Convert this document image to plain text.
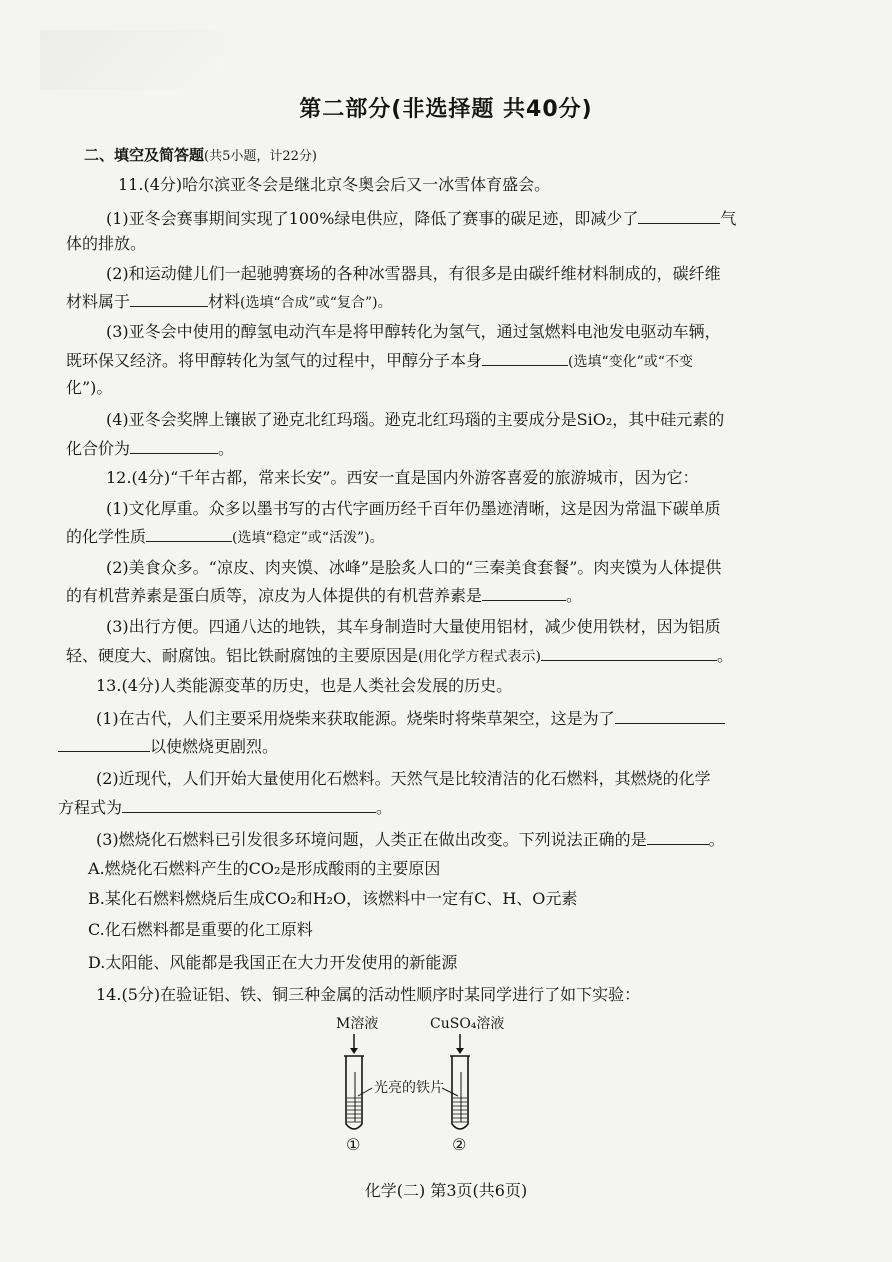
第二部分(非选择题 共40分)
二、填空及简答题(共5小题，计22分)
11.(4分)哈尔滨亚冬会是继北京冬奥会后又一冰雪体育盛会。
(1)亚冬会赛事期间实现了100%绿电供应，降低了赛事的碳足迹，即减少了	气
体的排放。
(2)和运动健儿们一起驰骋赛场的各种冰雪器具，有很多是由碳纤维材料制成的，碳纤维
材料属于	材料(选填“合成”或“复合”)。
(3)亚冬会中使用的醇氢电动汽车是将甲醇转化为氢气，通过氢燃料电池发电驱动车辆，
既环保又经济。将甲醇转化为氢气的过程中，甲醇分子本身	(选填“变化”或“不变
化”)。
(4)亚冬会奖牌上镶嵌了逊克北红玛瑙。逊克北红玛瑙的主要成分是SiO₂，其中硅元素的
化合价为	。
12.(4分)“千年古都，常来长安”。西安一直是国内外游客喜爱的旅游城市，因为它：
(1)文化厚重。众多以墨书写的古代字画历经千百年仍墨迹清晰，这是因为常温下碳单质
的化学性质	(选填“稳定”或“活泼”)。
(2)美食众多。“凉皮、肉夹馍、冰峰”是脍炙人口的“三秦美食套餐”。肉夹馍为人体提供
的有机营养素是蛋白质等，凉皮为人体提供的有机营养素是	。
(3)出行方便。四通八达的地铁，其车身制造时大量使用铝材，减少使用铁材，因为铝质
轻、硬度大、耐腐蚀。铝比铁耐腐蚀的主要原因是(用化学方程式表示)	。
13.(4分)人类能源变革的历史，也是人类社会发展的历史。
(1)在古代，人们主要采用烧柴来获取能源。烧柴时将柴草架空，这是为了
以使燃烧更剧烈。
(2)近现代，人们开始大量使用化石燃料。天然气是比较清洁的化石燃料，其燃烧的化学
方程式为	。
(3)燃烧化石燃料已引发很多环境问题，人类正在做出改变。下列说法正确的是	。
A.燃烧化石燃料产生的CO₂是形成酸雨的主要原因
B.某化石燃料燃烧后生成CO₂和H₂O，该燃料中一定有C、H、O元素
C.化石燃料都是重要的化工原料
D.太阳能、风能都是我国正在大力开发使用的新能源
14.(5分)在验证铝、铁、铜三种金属的活动性顺序时某同学进行了如下实验：
M溶液	CuSO₄溶液
光亮的铁片
①	②
化学(二) 第3页(共6页)
